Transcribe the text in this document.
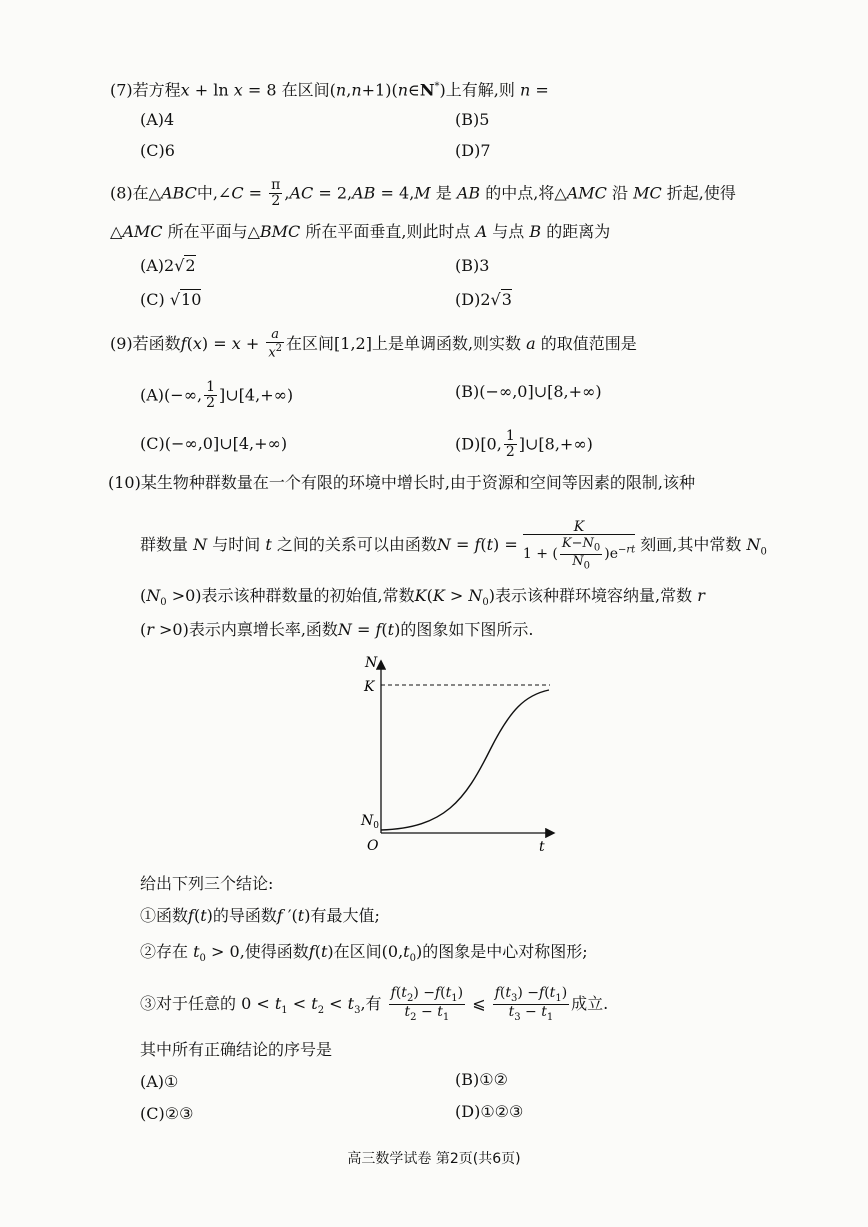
(7)若方程x + ln x = 8 在区间(n,n+1)(n∈N*)上有解,则 n =
(A)4	(B)5
(C)6	(D)7
(8)在△ABC中,∠C = $\frac{\pi}{2} ,AC = 2,AB = 4,M$ 是 AB 的中点,将△AMC 沿 MC 折起,使得
△AMC 所在平面与△BMC 所在平面垂直,则此时点 A 与点 B 的距离为
(A)2√2	(B)3
(C) √10	(D)2√3
(9)若函数$f(x) = x + \frac{a}{x^2}$ 在区间[1,2]上是单调函数,则实数 a 的取值范围是
(A)(−∞, $\frac{1}{2}$ ]∪[4,+∞)	(B)(−∞,0]∪[8,+∞)
(C)(−∞,0]∪[4,+∞)	(D)[0, $\frac{1}{2}$ ]∪[8,+∞)
(10)某生物种群数量在一个有限的环境中增长时,由于资源和空间等因素的限制,该种
群数量 N 与时间 t 之间的关系可以由函数$N = f(t) = \frac{K}{1 + ( \frac{K-N_0}{N_0} )e^{-rt}}$ 刻画,其中常数 $N_0$
$(N_0 >0)$表示该种群数量的初始值,常数$K(K > N_0)$表示该种群环境容纳量,常数 r
(r >0)表示内禀增长率,函数N = f(t)的图象如下图所示.
N
K
$N_0$
O	t
给出下列三个结论:
①函数f(t)的导函数f ′(t)有最大值;
②存在 $t_0 > 0$,使得函数f(t)在区间$(0,t_0)$的图象是中心对称图形;
③对于任意的 $0 < t_1 < t_2 < t_3$,有 $\frac{f(t_2) -f(t_1)}{t_2 - t_1}$ ⩽ $\frac{f(t_3) -f(t_1)}{t_3 - t_1}$ 成立.
其中所有正确结论的序号是
(A)①	(B)①②
(C)②③	(D)①②③
高三数学试卷 第2页(共6页)
